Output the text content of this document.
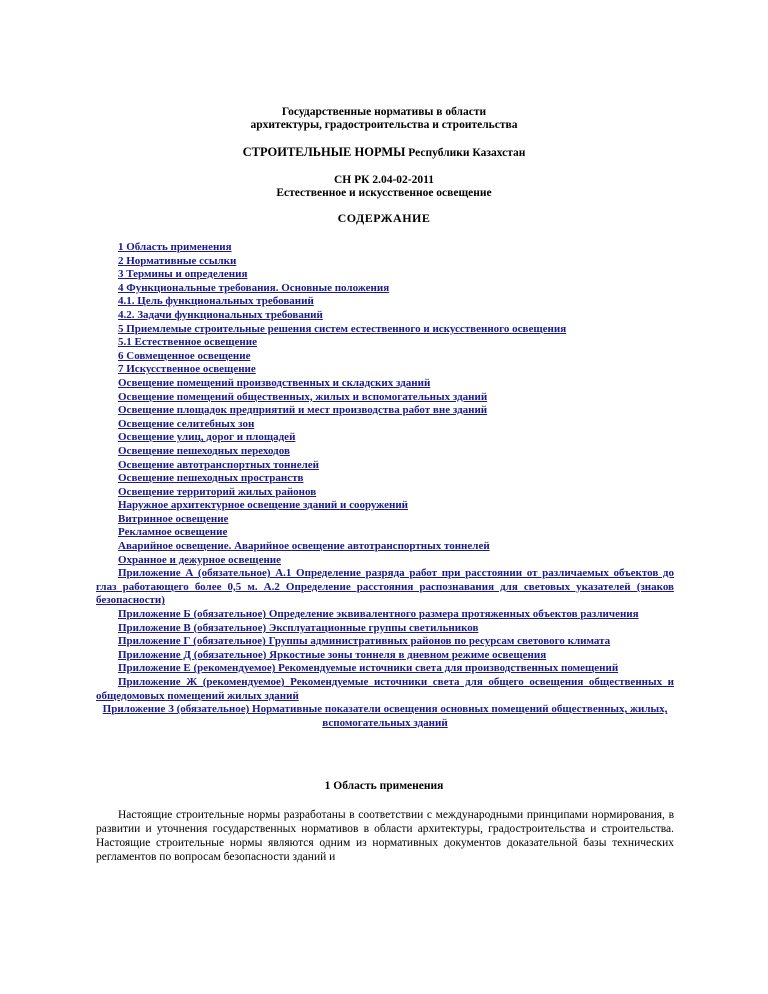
Государственные нормативы в области
архитектуры, градостроительства и строительства
СТРОИТЕЛЬНЫЕ НОРМЫ Республики Казахстан
СН РК 2.04-02-2011
Естественное и искусственное освещение
СОДЕРЖАНИЕ
1 Область применения
2 Нормативные ссылки
3 Термины и определения
4 Функциональные требования. Основные положения
4.1. Цель функциональных требований
4.2. Задачи функциональных требований
5 Приемлемые строительные решения систем естественного и искусственного освещения
5.1 Естественное освещение
6 Совмещенное освещение
7 Искусственное освещение
Освещение помещений производственных и складских зданий
Освещение помещений общественных, жилых и вспомогательных зданий
Освещение площадок предприятий и мест производства работ вне зданий
Освещение селитебных зон
Освещение улиц, дорог и площадей
Освещение пешеходных переходов
Освещение автотранспортных тоннелей
Освещение пешеходных пространств
Освещение территорий жилых районов
Наружное архитектурное освещение зданий и сооружений
Витринное освещение
Рекламное освещение
Аварийное освещение. Аварийное освещение автотранспортных тоннелей
Охранное и дежурное освещение
Приложение А (обязательное) А.1 Определение разряда работ при расстоянии от различаемых объектов до глаз работающего более 0,5 м. А.2 Определение расстояния распознавания для световых указателей (знаков безопасности)
Приложение Б (обязательное) Определение эквивалентного размера протяженных объектов различения
Приложение В (обязательное) Эксплуатационные группы светильников
Приложение Г (обязательное) Группы административных районов по ресурсам светового климата
Приложение Д (обязательное) Яркостные зоны тоннеля в дневном режиме освещения
Приложение Е (рекомендуемое) Рекомендуемые источники света для производственных помещений
Приложение Ж (рекомендуемое) Рекомендуемые источники света для общего освещения общественных и общедомовых помещений жилых зданий
Приложение З (обязательное) Нормативные показатели освещения основных помещений общественных, жилых, вспомогательных зданий
1 Область применения
Настоящие строительные нормы разработаны в соответствии с международными принципами нормирования, в развитии и уточнения государственных нормативов в области архитектуры, градостроительства и строительства. Настоящие строительные нормы являются одним из нормативных документов доказательной базы технических регламентов по вопросам безопасности зданий и
